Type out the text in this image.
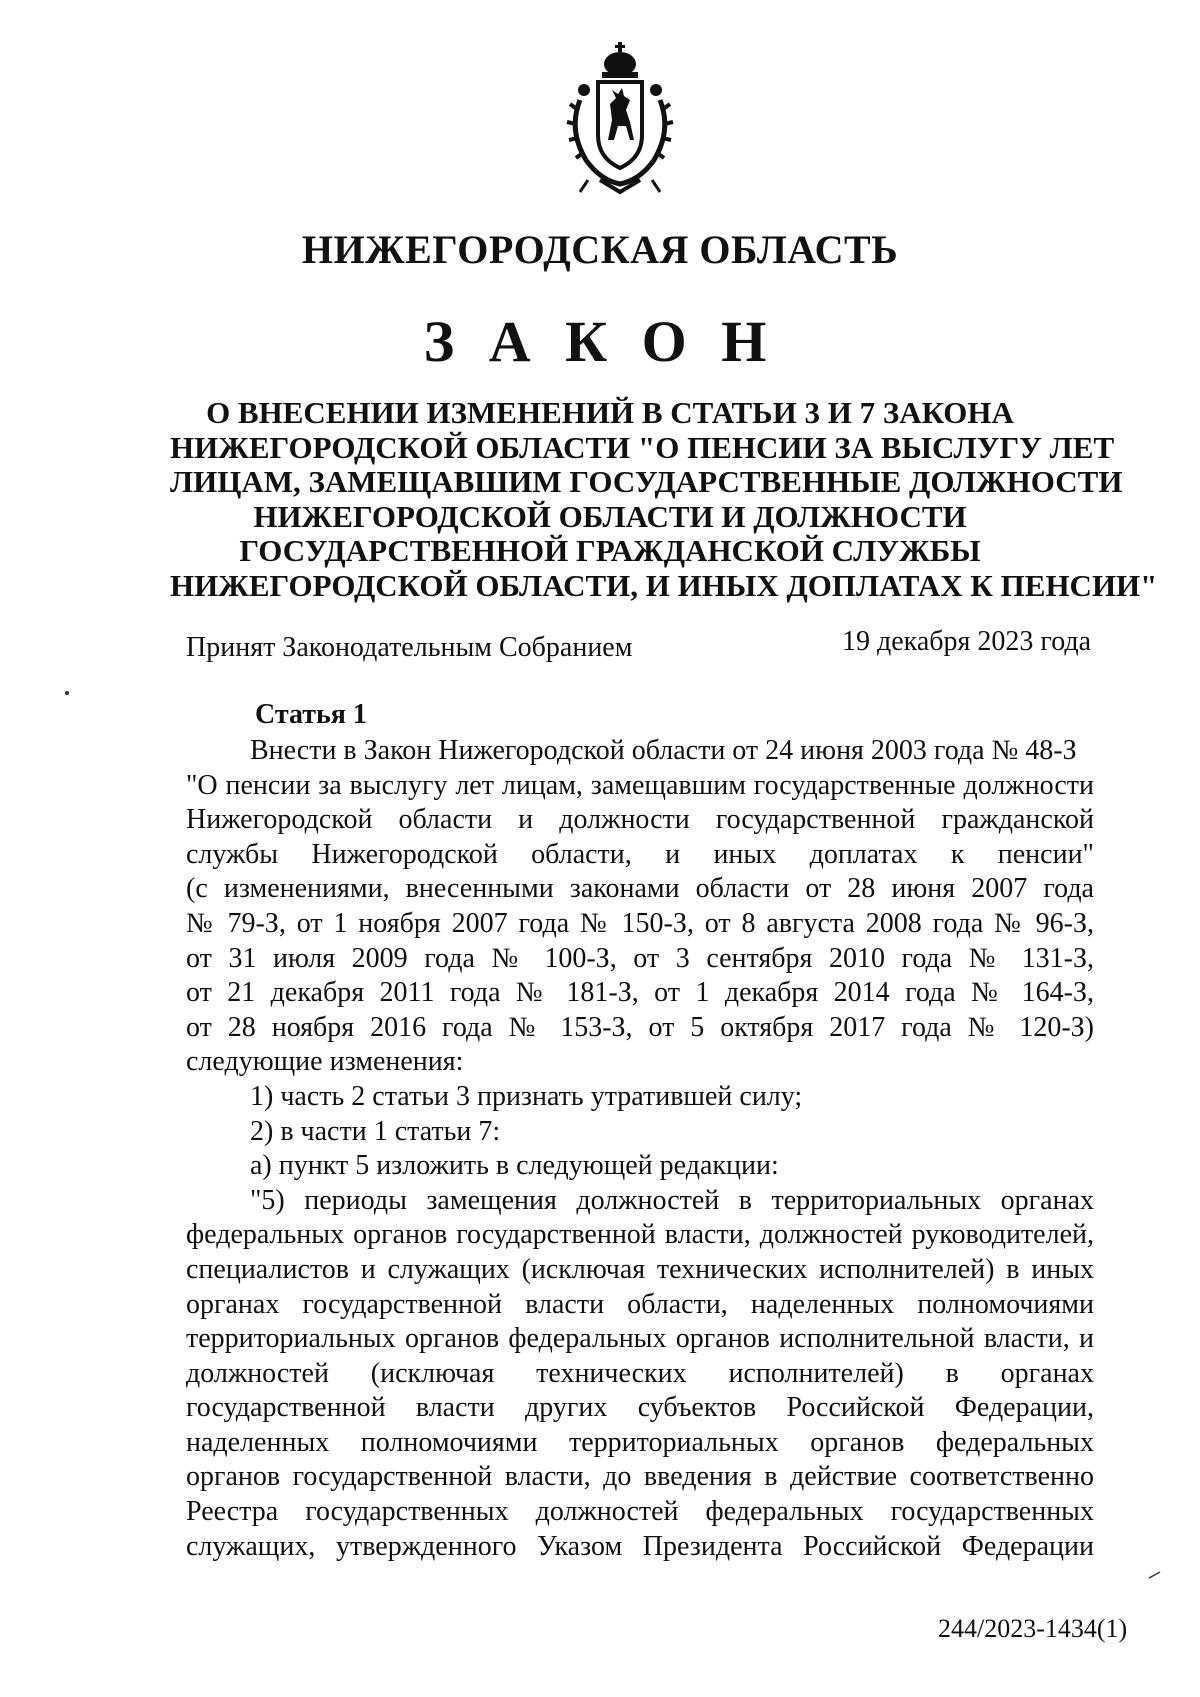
НИЖЕГОРОДСКАЯ ОБЛАСТЬ
З А К О Н
О ВНЕСЕНИИ ИЗМЕНЕНИЙ В СТАТЬИ 3 И 7 ЗАКОНА
НИЖЕГОРОДСКОЙ ОБЛАСТИ "О ПЕНСИИ ЗА ВЫСЛУГУ ЛЕТ
ЛИЦАМ, ЗАМЕЩАВШИМ ГОСУДАРСТВЕННЫЕ ДОЛЖНОСТИ
НИЖЕГОРОДСКОЙ ОБЛАСТИ И ДОЛЖНОСТИ
ГОСУДАРСТВЕННОЙ ГРАЖДАНСКОЙ СЛУЖБЫ
НИЖЕГОРОДСКОЙ ОБЛАСТИ, И ИНЫХ ДОПЛАТАХ К ПЕНСИИ"
Принят Законодательным Собранием	19 декабря 2023 года
Статья 1
Внести в Закон Нижегородской области от 24 июня 2003 года № 48-З
"О пенсии за выслугу лет лицам, замещавшим государственные должности
Нижегородской области и должности государственной гражданской
службы Нижегородской области, и иных доплатах к пенсии"
(с изменениями, внесенными законами области от 28 июня 2007 года
№ 79-З, от 1 ноября 2007 года № 150-З, от 8 августа 2008 года № 96-З,
от 31 июля 2009 года № 100-З, от 3 сентября 2010 года № 131-З,
от 21 декабря 2011 года № 181-З, от 1 декабря 2014 года № 164-З,
от 28 ноября 2016 года № 153-З, от 5 октября 2017 года № 120-З)
следующие изменения:
1) часть 2 статьи 3 признать утратившей силу;
2) в части 1 статьи 7:
а) пункт 5 изложить в следующей редакции:
"5) периоды замещения должностей в территориальных органах
федеральных органов государственной власти, должностей руководителей,
специалистов и служащих (исключая технических исполнителей) в иных
органах государственной власти области, наделенных полномочиями
территориальных органов федеральных органов исполнительной власти, и
должностей (исключая технических исполнителей) в органах
государственной власти других субъектов Российской Федерации,
наделенных полномочиями территориальных органов федеральных
органов государственной власти, до введения в действие соответственно
Реестра государственных должностей федеральных государственных
служащих, утвержденного Указом Президента Российской Федерации
244/2023-1434(1)
